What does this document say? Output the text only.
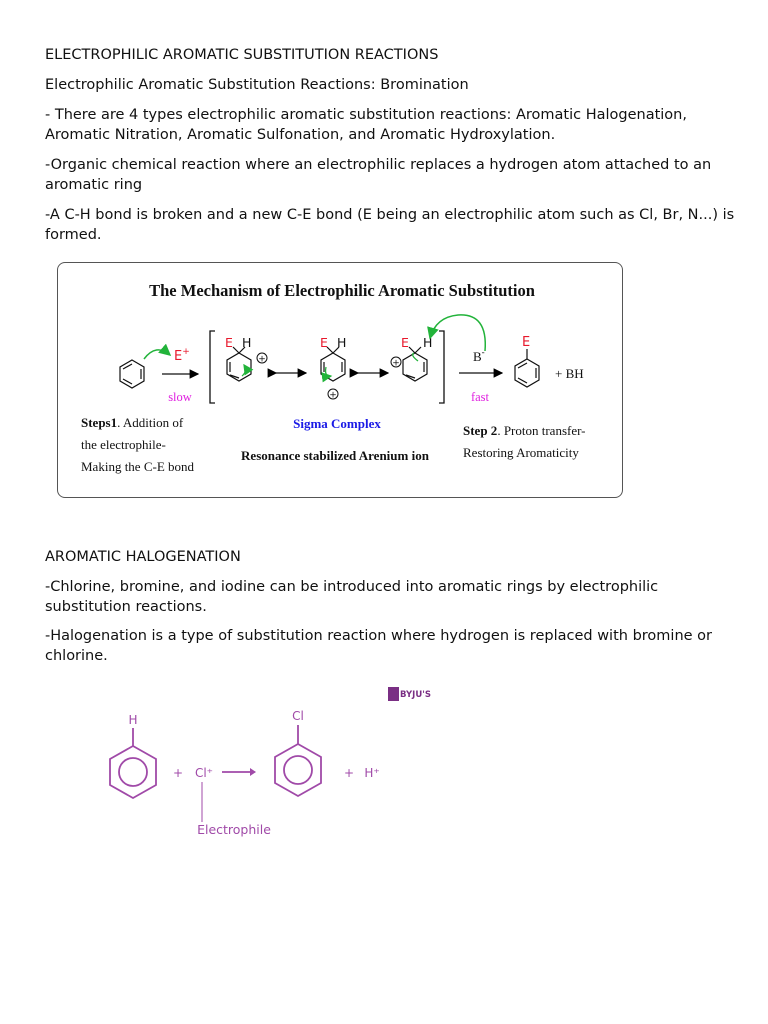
ELECTROPHILIC AROMATIC SUBSTITUTION REACTIONS

Electrophilic Aromatic Substitution Reactions: Bromination

- There are 4 types electrophilic aromatic substitution reactions: Aromatic Halogenation, Aromatic Nitration, Aromatic Sulfonation, and Aromatic Hydroxylation.

-Organic chemical reaction where an electrophilic replaces a hydrogen atom attached to an aromatic ring

-A C-H bond is broken and a new C-E bond (E being an electrophilic atom such as Cl, Br, N...) is formed.

The Mechanism of Electrophilic Aromatic Substitution
E+
slow
E H
+
E H
+
E H
+	B-
fast
E
+ BH
Steps1. Addition of
the electrophile-
Making the C-E bond
Sigma Complex
Resonance stabilized Arenium ion
Step 2. Proton transfer-
Restoring Aromaticity

AROMATIC HALOGENATION

-Chlorine, bromine, and iodine can be introduced into aromatic rings by electrophilic substitution reactions.

-Halogenation is a type of substitution reaction where hydrogen is replaced with bromine or chlorine.

BYJU'S
H
+ Cl⁺
Cl
+ H⁺
Electrophile
